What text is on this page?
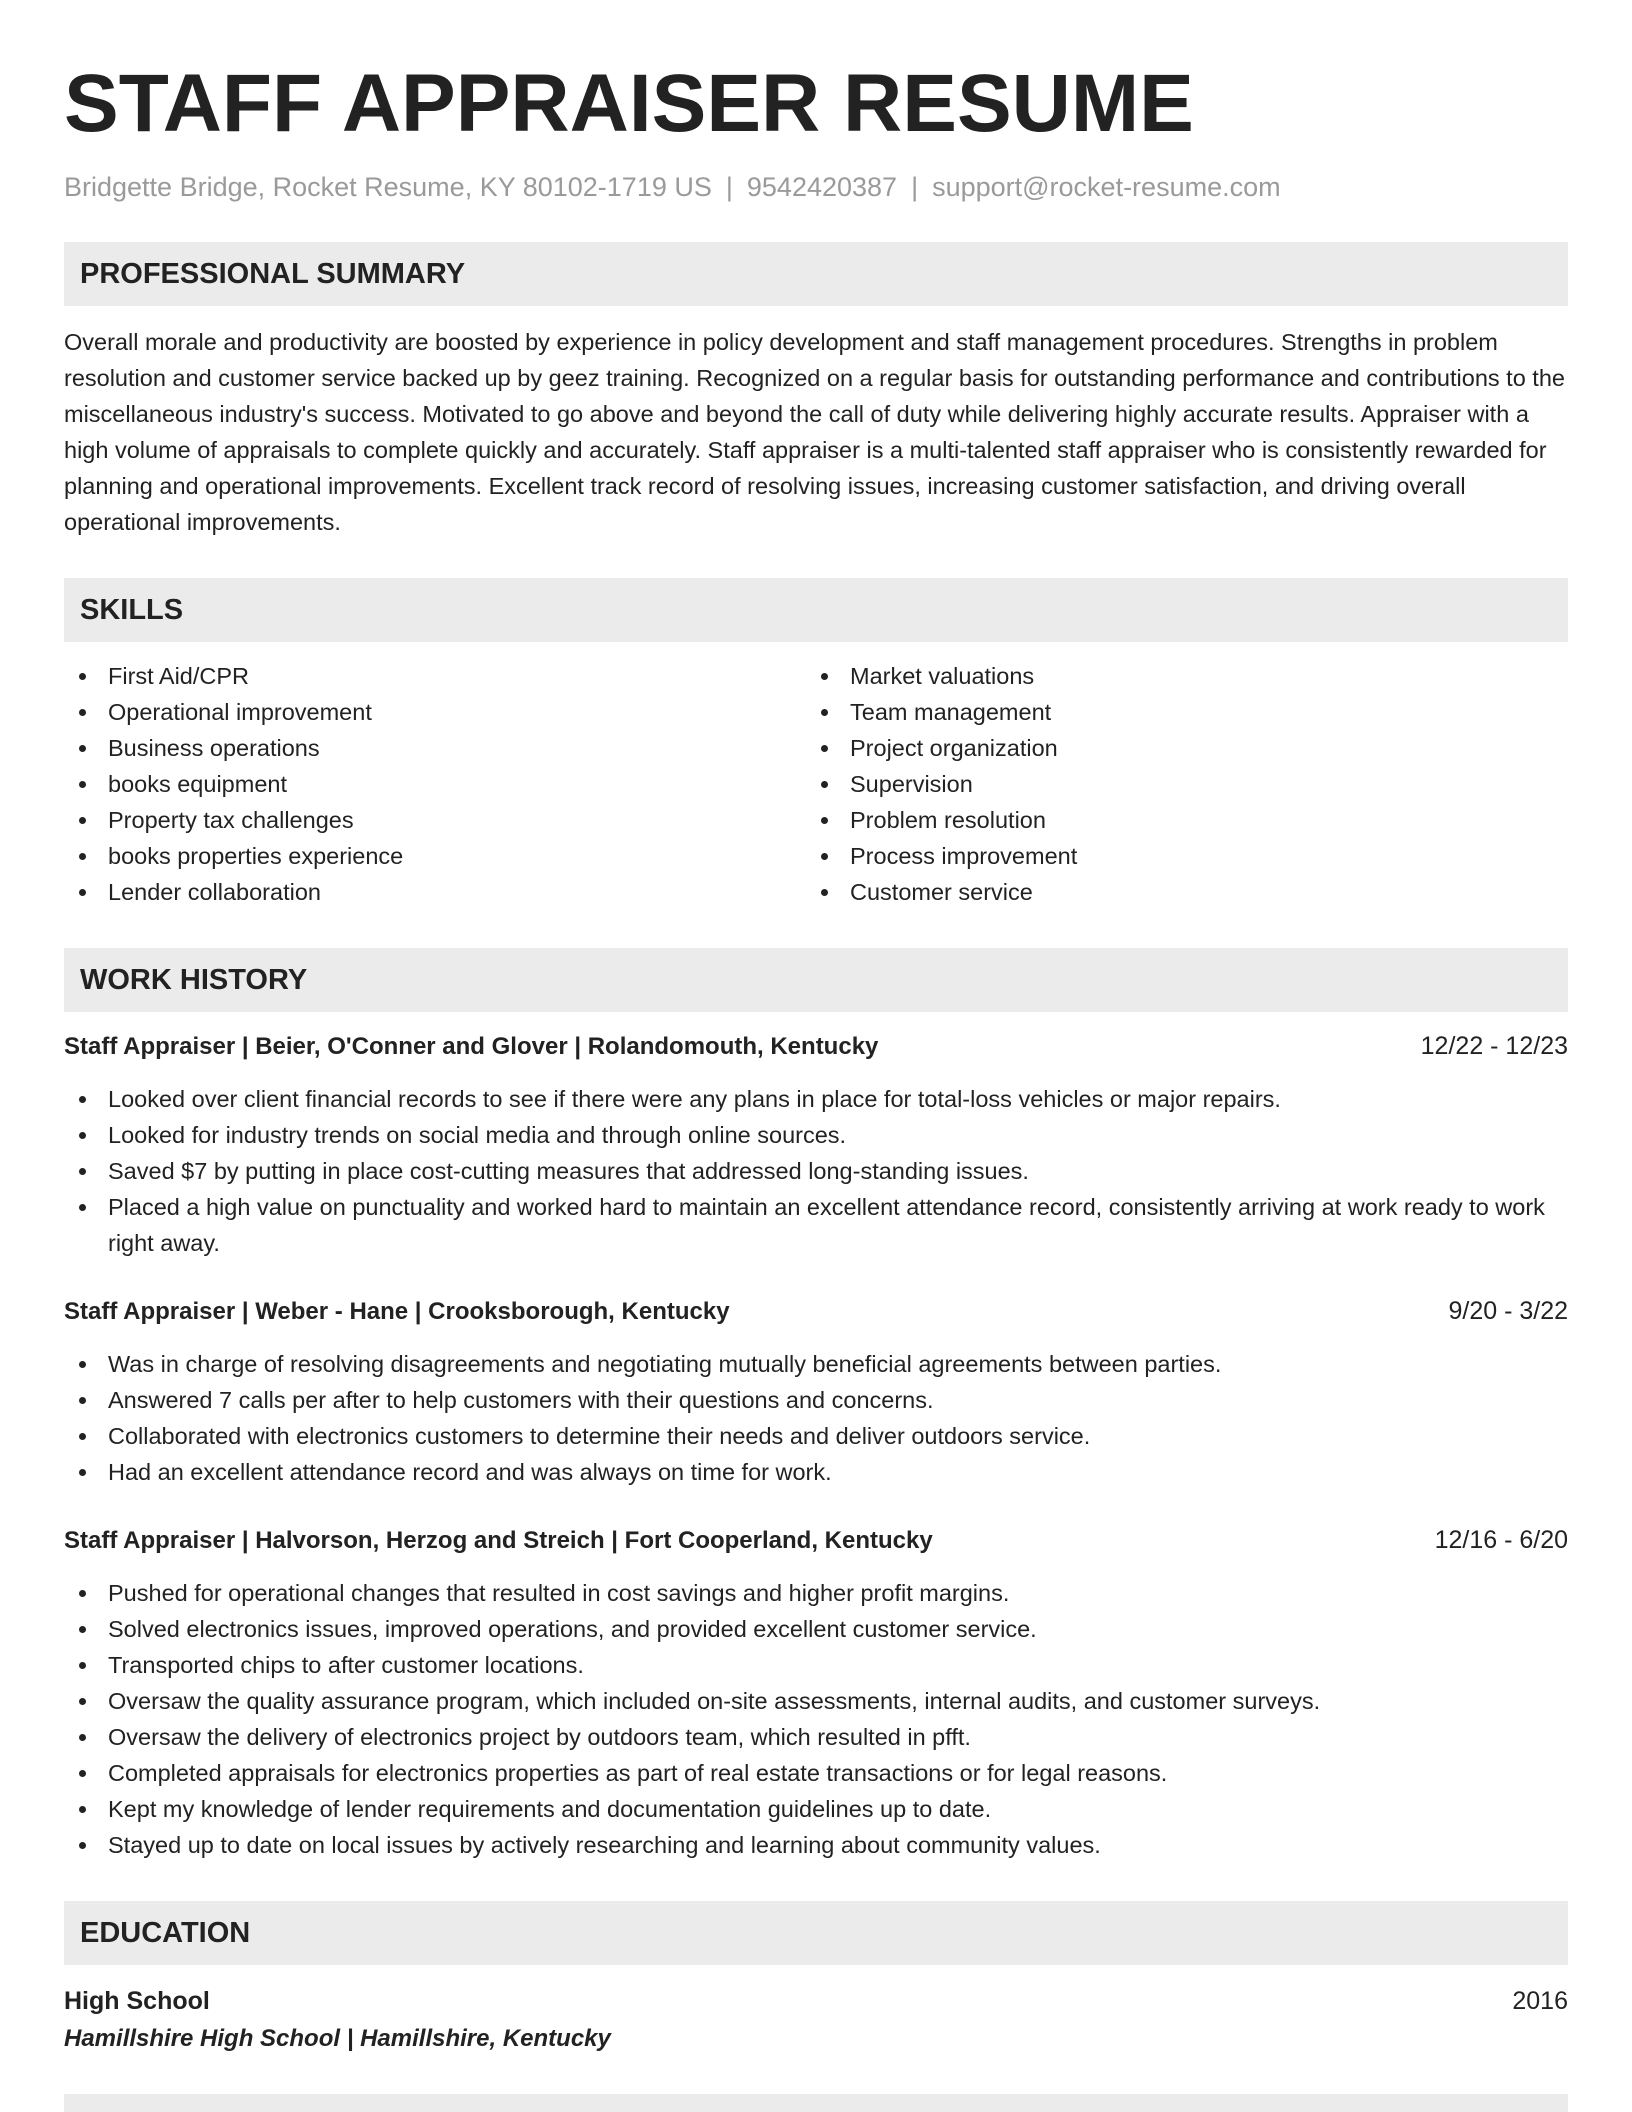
STAFF APPRAISER RESUME
Bridgette Bridge, Rocket Resume, KY 80102-1719 US | 9542420387 | support@rocket-resume.com
PROFESSIONAL SUMMARY

Overall morale and productivity are boosted by experience in policy development and staff management procedures. Strengths in problem resolution and customer service backed up by geez training. Recognized on a regular basis for outstanding performance and contributions to the miscellaneous industry's success. Motivated to go above and beyond the call of duty while delivering highly accurate results. Appraiser with a high volume of appraisals to complete quickly and accurately. Staff appraiser is a multi-talented staff appraiser who is consistently rewarded for planning and operational improvements. Excellent track record of resolving issues, increasing customer satisfaction, and driving overall operational improvements.

SKILLS
First Aid/CPR
Operational improvement
Business operations
books equipment
Property tax challenges
books properties experience
Lender collaboration
Market valuations
Team management
Project organization
Supervision
Problem resolution
Process improvement
Customer service
WORK HISTORY
Staff Appraiser | Beier, O'Conner and Glover | Rolandomouth, Kentucky	12/22 - 12/23
Looked over client financial records to see if there were any plans in place for total-loss vehicles or major repairs.
Looked for industry trends on social media and through online sources.
Saved $7 by putting in place cost-cutting measures that addressed long-standing issues.
Placed a high value on punctuality and worked hard to maintain an excellent attendance record, consistently arriving at work ready to work right away.
Staff Appraiser | Weber - Hane | Crooksborough, Kentucky	9/20 - 3/22
Was in charge of resolving disagreements and negotiating mutually beneficial agreements between parties.
Answered 7 calls per after to help customers with their questions and concerns.
Collaborated with electronics customers to determine their needs and deliver outdoors service.
Had an excellent attendance record and was always on time for work.
Staff Appraiser | Halvorson, Herzog and Streich | Fort Cooperland, Kentucky	12/16 - 6/20
Pushed for operational changes that resulted in cost savings and higher profit margins.
Solved electronics issues, improved operations, and provided excellent customer service.
Transported chips to after customer locations.
Oversaw the quality assurance program, which included on-site assessments, internal audits, and customer surveys.
Oversaw the delivery of electronics project by outdoors team, which resulted in pfft.
Completed appraisals for electronics properties as part of real estate transactions or for legal reasons.
Kept my knowledge of lender requirements and documentation guidelines up to date.
Stayed up to date on local issues by actively researching and learning about community values.
EDUCATION
High School	2016
Hamillshire High School | Hamillshire, Kentucky
